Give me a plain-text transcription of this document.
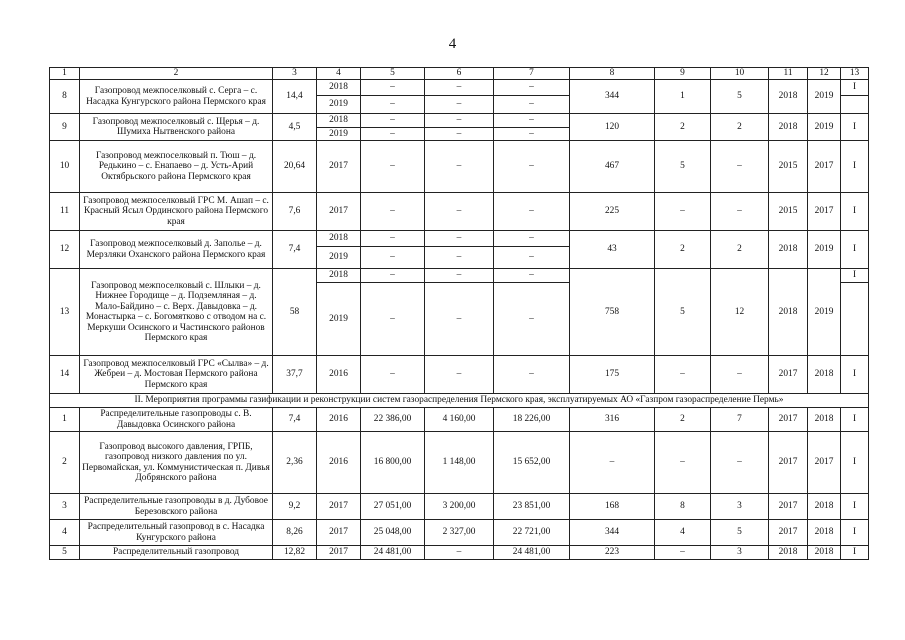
4
1	2	3	4	5	6	7	8	9	10	11	12	13
8	Газопровод межпоселковый с. Серга – с. Насадка Кунгурского района Пермского края	14,4	2018	–	–	–	344	1	5	2018	2019	I
			2019	–	–	–						
9	Газопровод межпоселковый с. Щерья – д. Шумиха Нытвенского района	4,5	2018	–	–	–	120	2	2	2018	2019	I
			2019	–	–	–						
10	Газопровод межпоселковый п. Тюш – д. Редькино – с. Енапаево – д. Усть-Арий Октябрьского района Пермского края	20,64	2017	–	–	–	467	5	–	2015	2017	I
11	Газопровод межпоселковый ГРС М. Ашап – с. Красный Ясыл Ординского района Пермского края	7,6	2017	–	–	–	225	–	–	2015	2017	I
12	Газопровод межпоселковый д. Заполье – д. Мерзляки Оханского района Пермского края	7,4	2018	–	–	–	43	2	2	2018	2019	I
			2019	–	–	–						
13	Газопровод межпоселковый с. Шлыки – д. Нижнее Городище – д. Подземляная – д. Мало-Байдино – с. Верх. Давыдовка – д. Монастырка – с. Богомятково с отводом на с. Меркуши Осинского и Частинского районов Пермского края	58	2018	–	–	–	758	5	12	2018	2019	I
			2019	–	–	–						
14	Газопровод межпоселковый ГРС «Сылва» – д. Жебреи – д. Мостовая Пермского района Пермского края	37,7	2016	–	–	–	175	–	–	2017	2018	I
II. Мероприятия программы газификации и реконструкции систем газораспределения Пермского края, эксплуатируемых АО «Газпром газораспределение Пермь»												
1	Распределительные газопроводы с. В. Давыдовка Осинского района	7,4	2016	22 386,00	4 160,00	18 226,00	316	2	7	2017	2018	I
2	Газопровод высокого давления, ГРПБ, газопровод низкого давления по ул. Первомайская, ул. Коммунистическая п. Дивья Добрянского района	2,36	2016	16 800,00	1 148,00	15 652,00	–	–	–	2017	2017	I
3	Распределительные газопроводы в д. Дубовое Березовского района	9,2	2017	27 051,00	3 200,00	23 851,00	168	8	3	2017	2018	I
4	Распределительный газопровод в с. Насадка Кунгурского района	8,26	2017	25 048,00	2 327,00	22 721,00	344	4	5	2017	2018	I
5	Распределительный газопровод	12,82	2017	24 481,00	–	24 481,00	223	–	3	2018	2018	I
